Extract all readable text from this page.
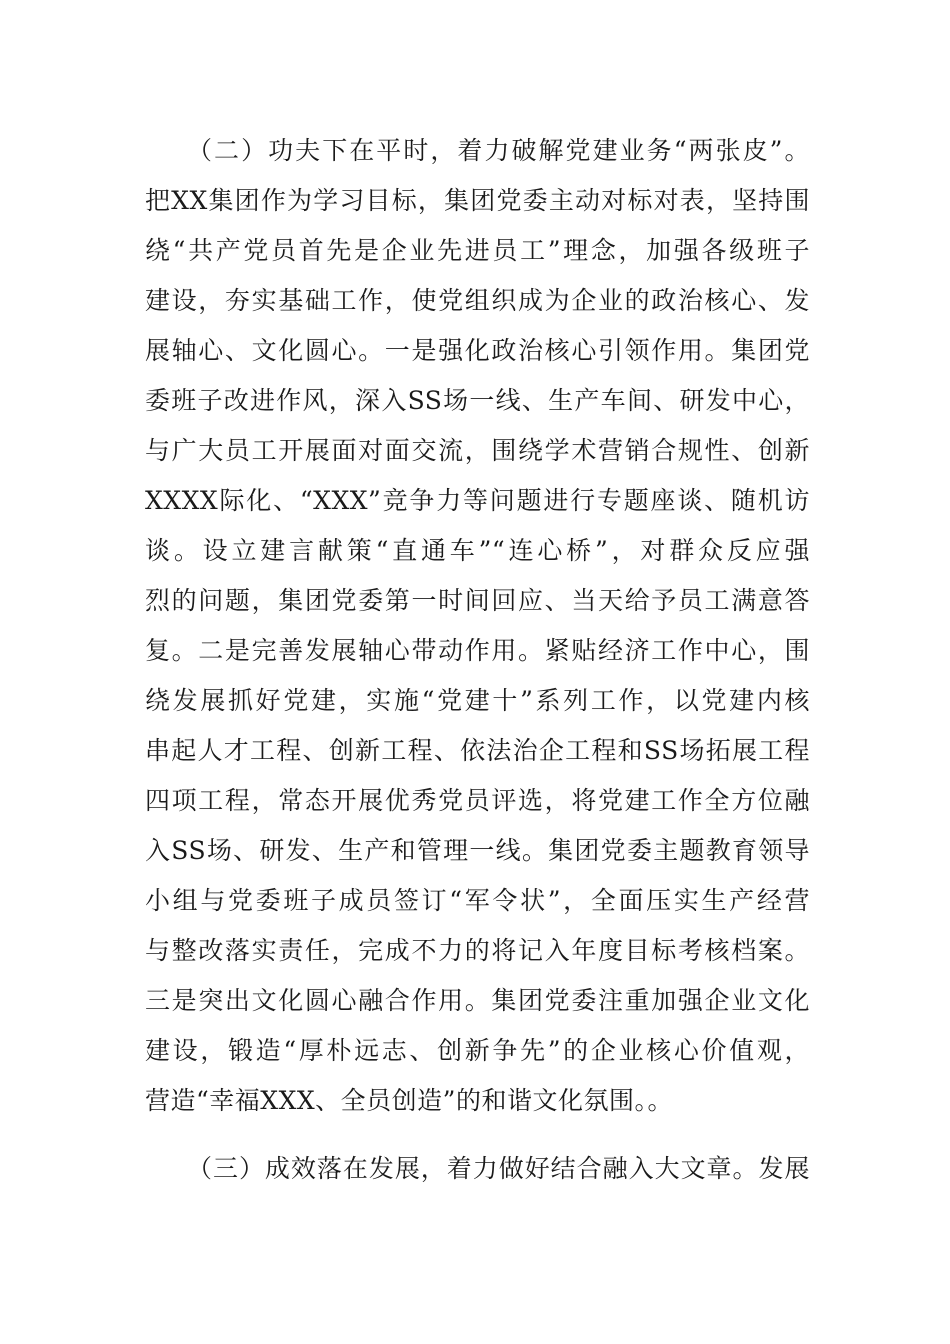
（二）功夫下在平时，着力破解党建业务“两张皮”。
把XX集团作为学习目标，集团党委主动对标对表，坚持围
绕“共产党员首先是企业先进员工”理念，加强各级班子
建设，夯实基础工作，使党组织成为企业的政治核心、发
展轴心、文化圆心。一是强化政治核心引领作用。集团党
委班子改进作风，深入SS场一线、生产车间、研发中心，
与广大员工开展面对面交流，围绕学术营销合规性、创新
XXXX际化、“XXX”竞争力等问题进行专题座谈、随机访
谈。设立建言献策“直通车”“连心桥”，对群众反应强
烈的问题，集团党委第一时间回应、当天给予员工满意答
复。二是完善发展轴心带动作用。紧贴经济工作中心，围
绕发展抓好党建，实施“党建十”系列工作，以党建内核
串起人才工程、创新工程、依法治企工程和SS场拓展工程
四项工程，常态开展优秀党员评选，将党建工作全方位融
入SS场、研发、生产和管理一线。集团党委主题教育领导
小组与党委班子成员签订“军令状”，全面压实生产经营
与整改落实责任，完成不力的将记入年度目标考核档案。
三是突出文化圆心融合作用。集团党委注重加强企业文化
建设，锻造“厚朴远志、创新争先”的企业核心价值观，
营造“幸福XXX、全员创造”的和谐文化氛围。。
（三）成效落在发展，着力做好结合融入大文章。发展
